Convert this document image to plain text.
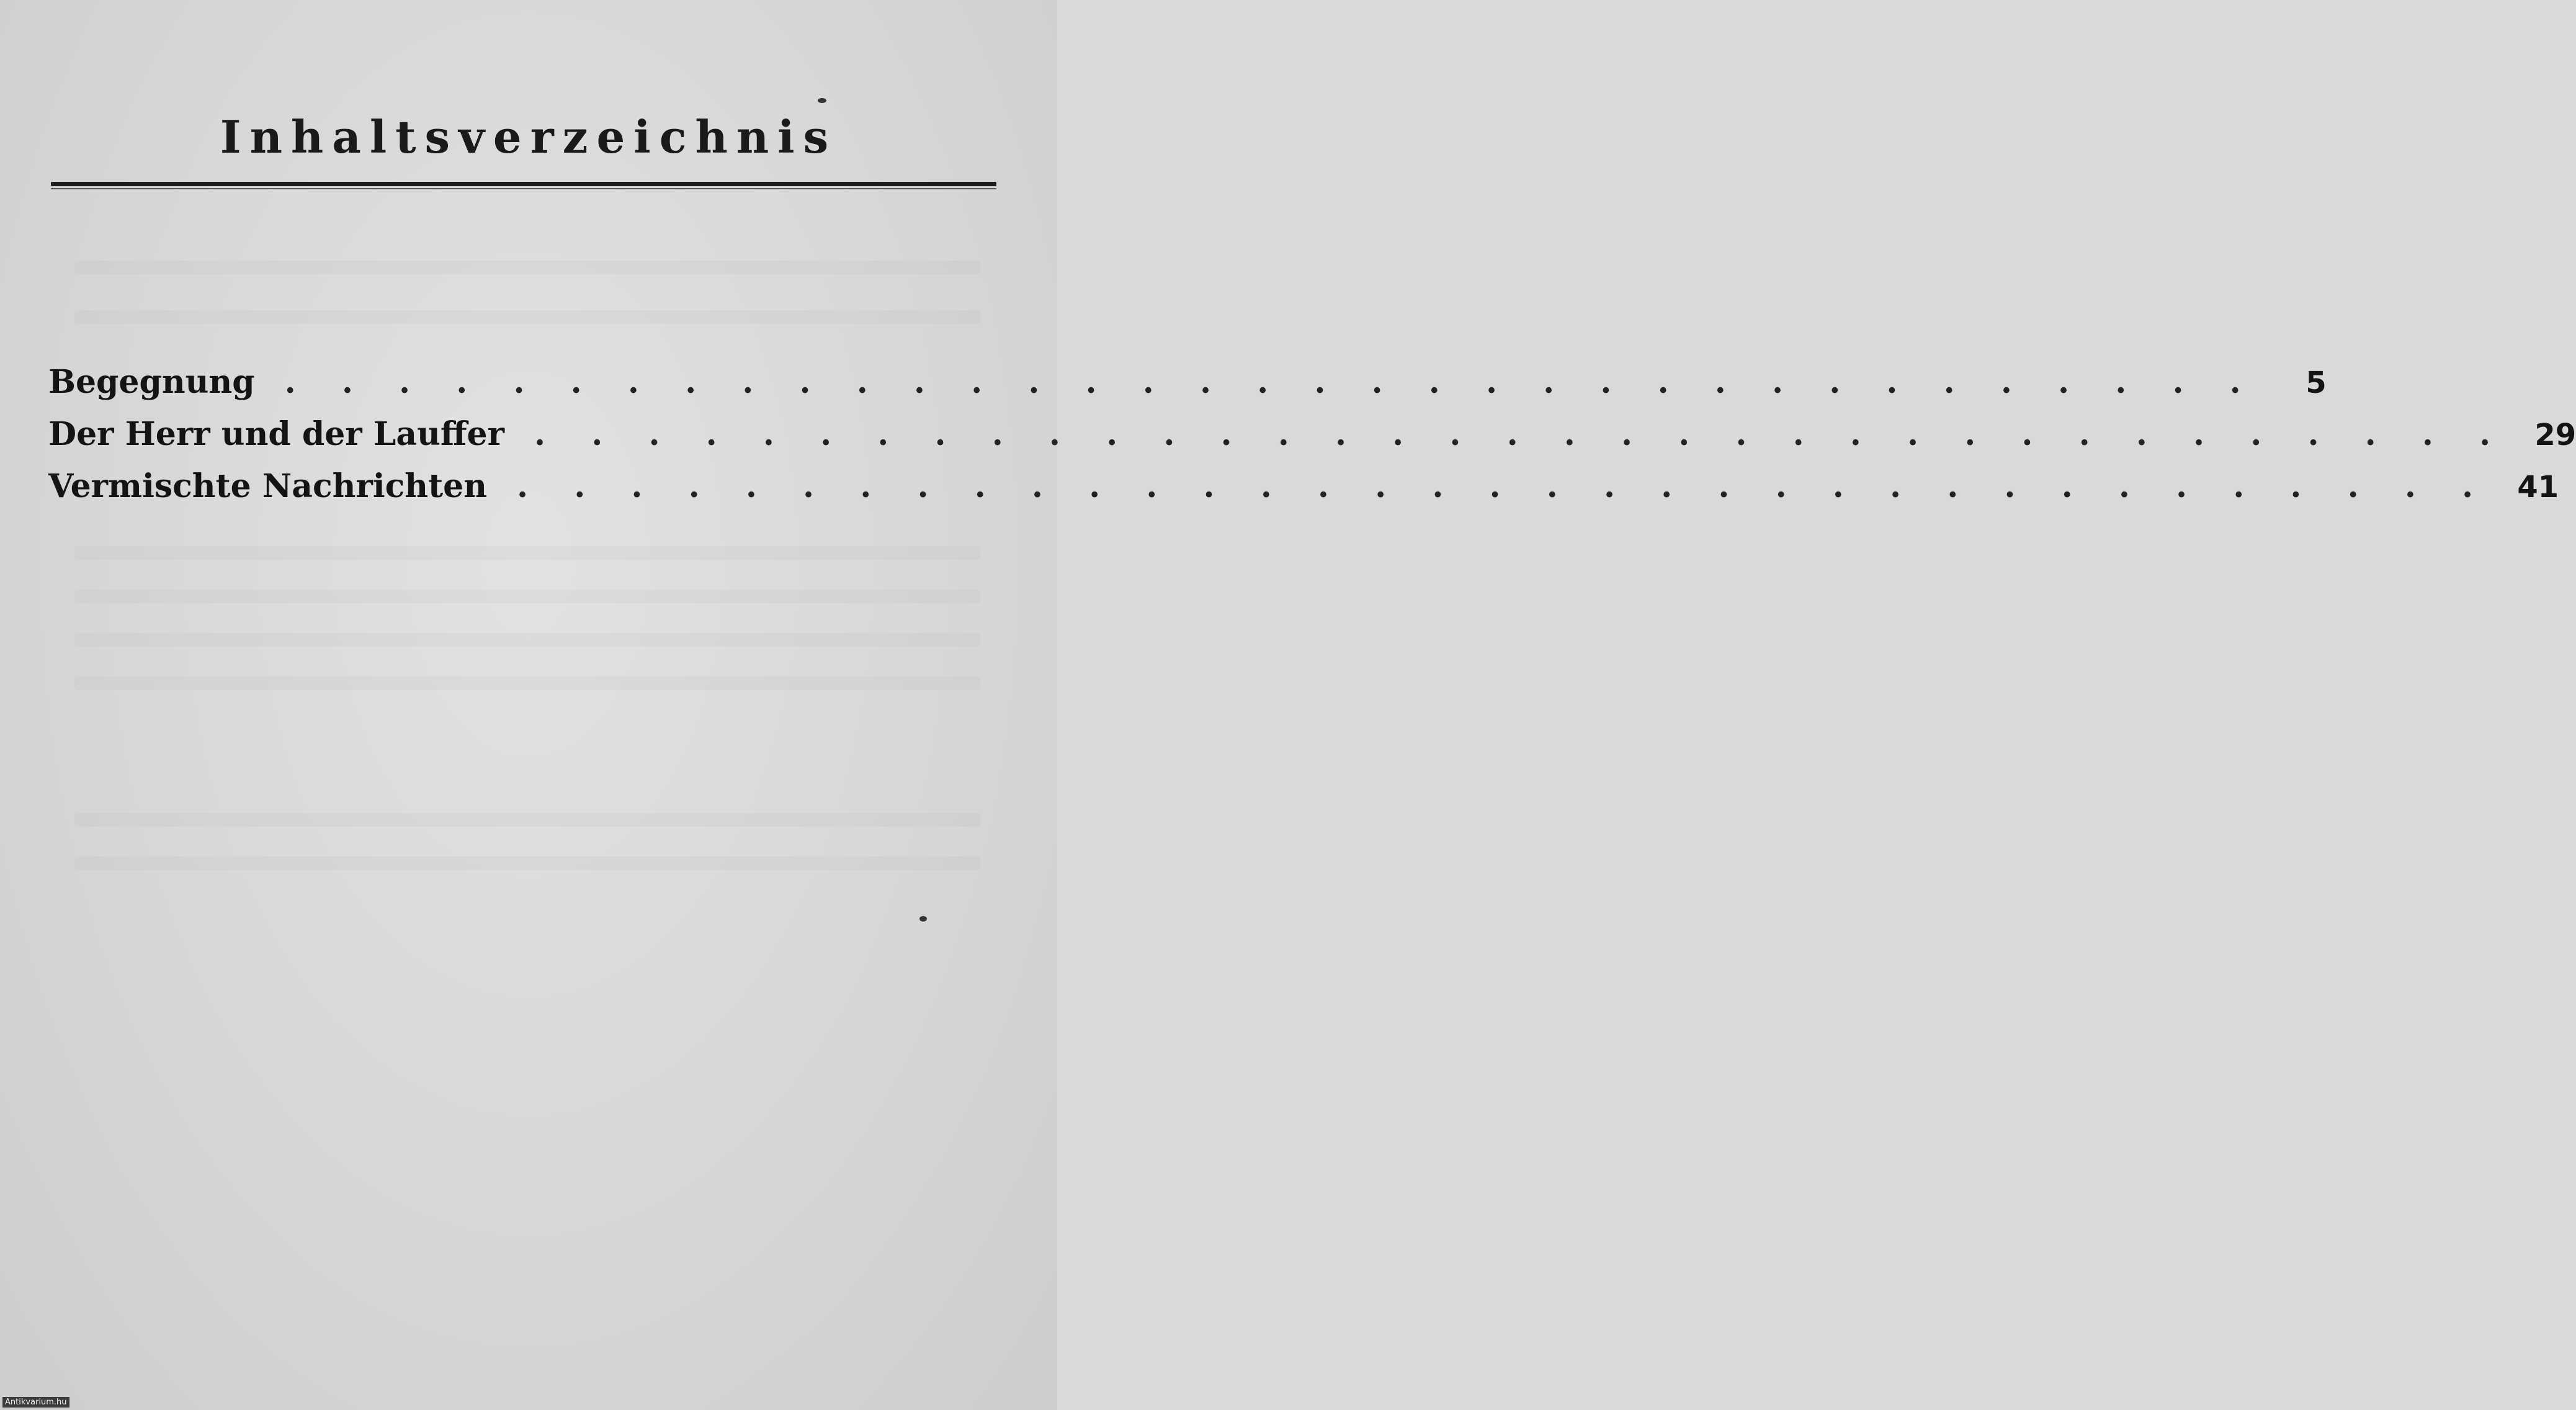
Inhaltsverzeichnis
Begegnung . . . . . . . . . . . . . . . . . . . . . . . . . . . . . . . . . . .	5
Der Herr und der Lauffer . . . . . . . . . . . . . . . . . . . . . . . . . . . . . . . . . . . 29
Vermischte Nachrichten . . . . . . . . . . . . . . . . . . . . . . . . . . . . . . . . . . . 41
Antikvarium.hu
